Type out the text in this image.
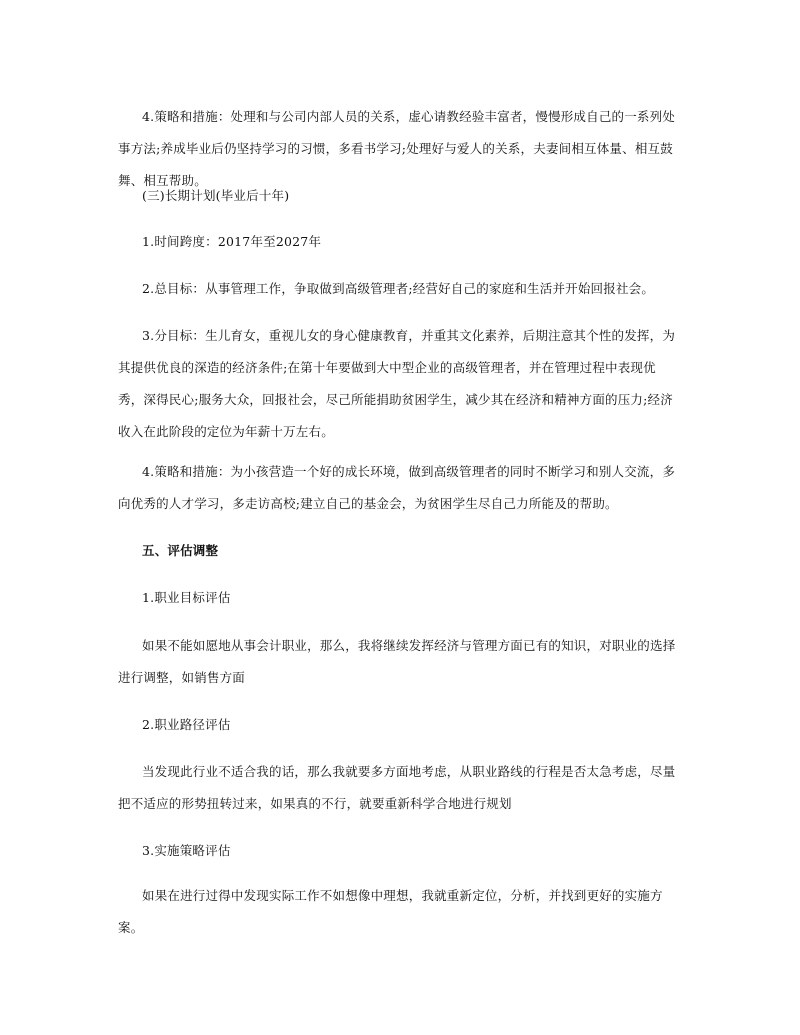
4.策略和措施：处理和与公司内部人员的关系，虚心请教经验丰富者，慢慢形成自己的一系列处事方法;养成毕业后仍坚持学习的习惯，多看书学习;处理好与爱人的关系，夫妻间相互体量、相互鼓舞、相互帮助。

(三)长期计划(毕业后十年)

1.时间跨度：2017年至2027年

2.总目标：从事管理工作，争取做到高级管理者;经营好自己的家庭和生活并开始回报社会。

3.分目标：生儿育女，重视儿女的身心健康教育，并重其文化素养，后期注意其个性的发挥，为其提供优良的深造的经济条件;在第十年要做到大中型企业的高级管理者，并在管理过程中表现优秀，深得民心;服务大众，回报社会，尽己所能捐助贫困学生，减少其在经济和精神方面的压力;经济收入在此阶段的定位为年薪十万左右。

4.策略和措施：为小孩营造一个好的成长环境，做到高级管理者的同时不断学习和别人交流，多向优秀的人才学习，多走访高校;建立自己的基金会，为贫困学生尽自己力所能及的帮助。

五、评估调整

1.职业目标评估

如果不能如愿地从事会计职业，那么，我将继续发挥经济与管理方面已有的知识，对职业的选择进行调整，如销售方面

2.职业路径评估

当发现此行业不适合我的话，那么我就要多方面地考虑，从职业路线的行程是否太急考虑，尽量把不适应的形势扭转过来，如果真的不行，就要重新科学合地进行规划

3.实施策略评估

如果在进行过得中发现实际工作不如想像中理想，我就重新定位，分析，并找到更好的实施方案。
